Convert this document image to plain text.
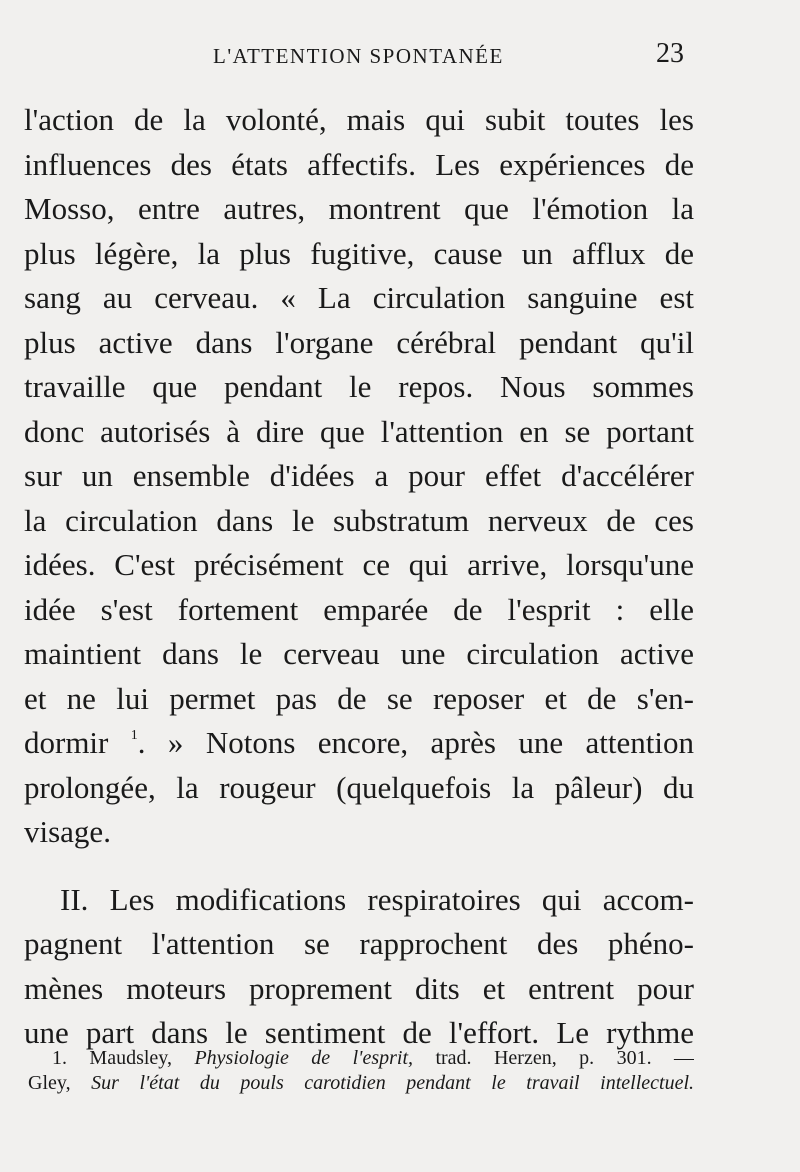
L'ATTENTION SPONTANÉE	23
l'action de la volonté, mais qui subit toutes les
influences des états affectifs. Les expériences de
Mosso, entre autres, montrent que l'émotion la
plus légère, la plus fugitive, cause un afflux de
sang au cerveau. « La circulation sanguine est
plus active dans l'organe cérébral pendant qu'il
travaille que pendant le repos. Nous sommes
donc autorisés à dire que l'attention en se portant
sur un ensemble d'idées a pour effet d'accélérer
la circulation dans le substratum nerveux de ces
idées. C'est précisément ce qui arrive, lorsqu'une
idée s'est fortement emparée de l'esprit : elle
maintient dans le cerveau une circulation active
et ne lui permet pas de se reposer et de s'en-
dormir $^1$. » Notons encore, après une attention
prolongée, la rougeur (quelquefois la pâleur) du
visage.
II. Les modifications respiratoires qui accom-
pagnent l'attention se rapprochent des phéno-
mènes moteurs proprement dits et entrent pour
une part dans le sentiment de l'effort. Le rythme
1. Maudsley, Physiologie de l'esprit, trad. Herzen, p. 301. —
Gley, Sur l'état du pouls carotidien pendant le travail intellectuel.
